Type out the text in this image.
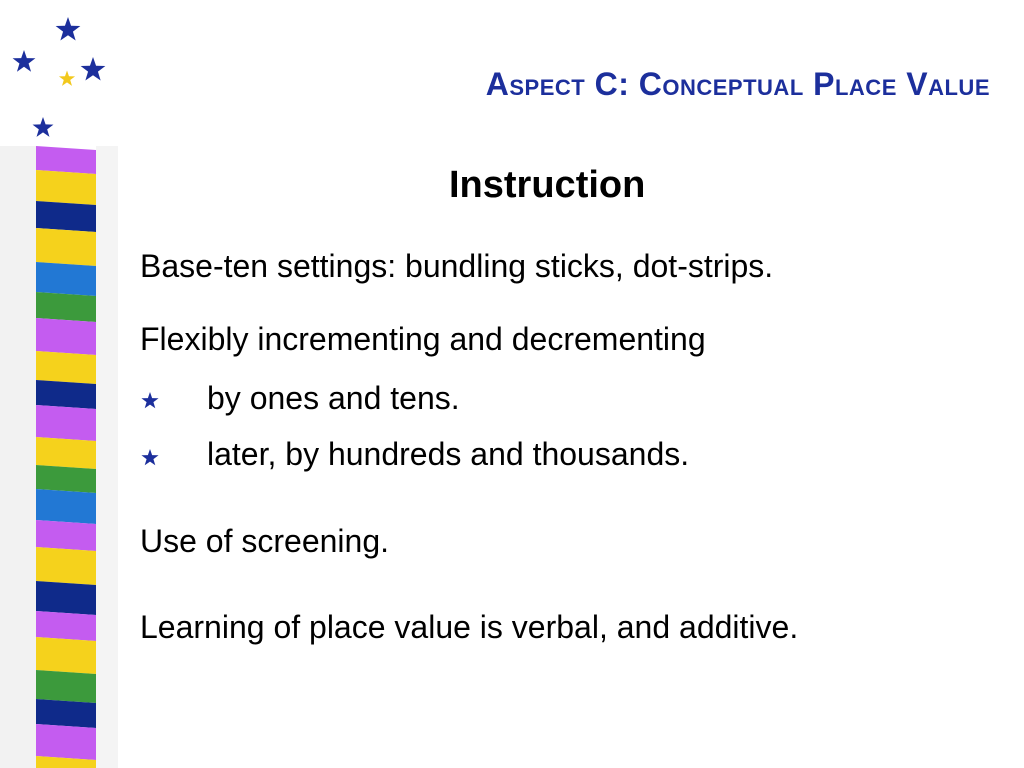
Aspect C: Conceptual Place Value
Instruction

Base-ten settings: bundling sticks, dot-strips.

Flexibly incrementing and decrementing

by ones and tens.

later, by hundreds and thousands.

Use of screening.

Learning of place value is verbal, and additive.
